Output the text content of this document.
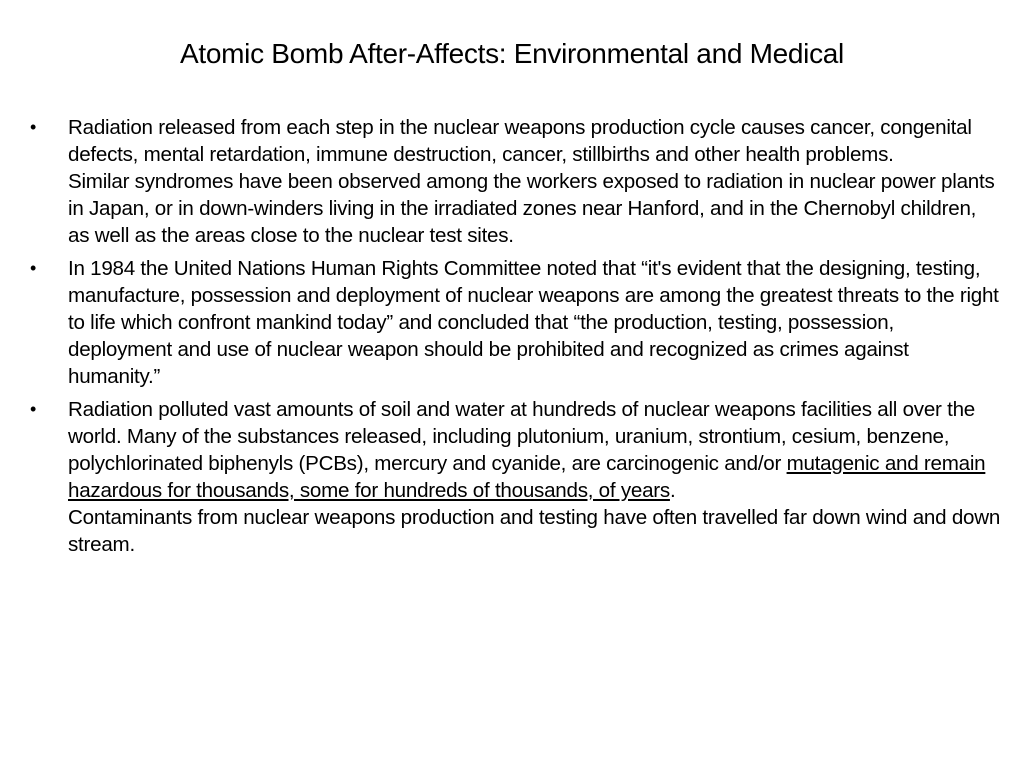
Atomic Bomb After-Affects: Environmental and Medical
•	Radiation released from each step in the nuclear weapons production cycle causes cancer, congenital defects, mental retardation, immune destruction, cancer, stillbirths and other health problems.
Similar syndromes have been observed among the workers exposed to radiation in nuclear power plants in Japan, or in down-winders living in the irradiated zones near Hanford, and in the Chernobyl children, as well as the areas close to the nuclear test sites.
•	In 1984 the United Nations Human Rights Committee noted that “it's evident that the designing, testing, manufacture, possession and deployment of nuclear weapons are among the greatest threats to the right to life which confront mankind today” and concluded that “the production, testing, possession, deployment and use of nuclear weapon should be prohibited and recognized as crimes against humanity.”
•	Radiation polluted vast amounts of soil and water at hundreds of nuclear weapons facilities all over the world. Many of the substances released, including plutonium, uranium, strontium, cesium, benzene, polychlorinated biphenyls (PCBs), mercury and cyanide, are carcinogenic and/or mutagenic and remain hazardous for thousands, some for hundreds of thousands, of years.
Contaminants from nuclear weapons production and testing have often travelled far down wind and down stream.
